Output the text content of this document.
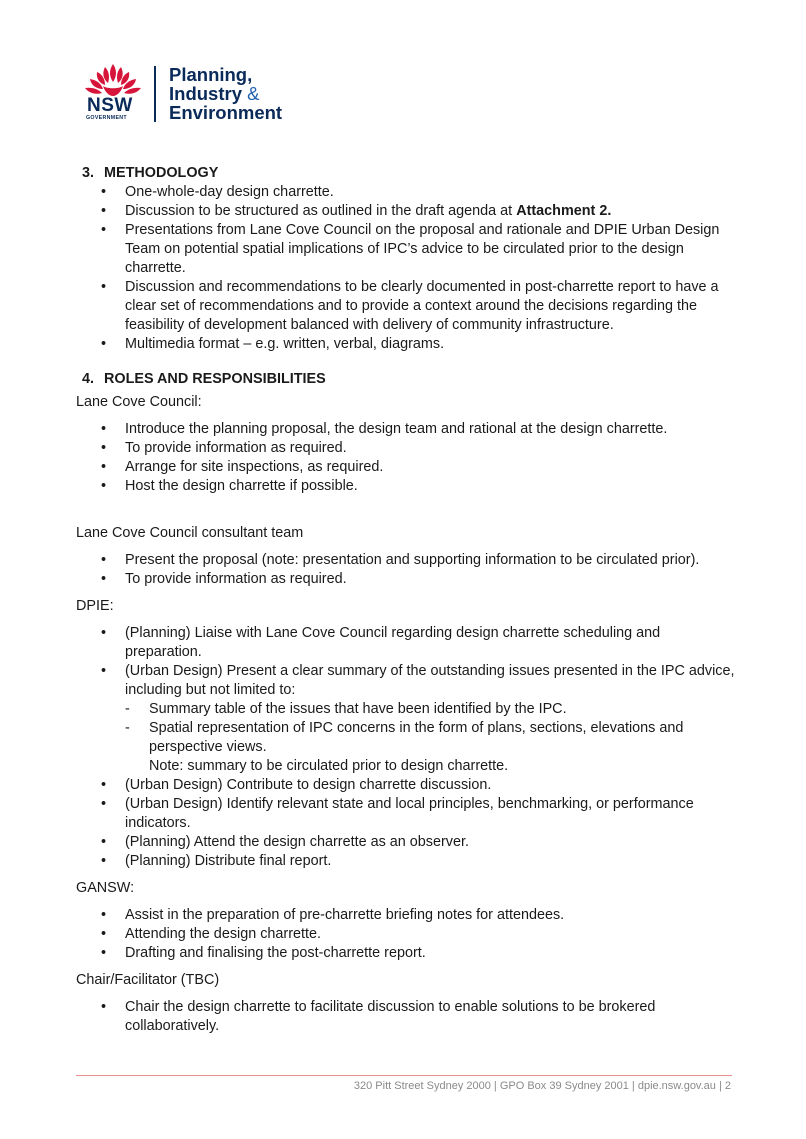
NSW
GOVERNMENT
Planning,
Industry &
Environment
3. METHODOLOGY
• One-whole-day design charrette.
• Discussion to be structured as outlined in the draft agenda at Attachment 2.
• Presentations from Lane Cove Council on the proposal and rationale and DPIE Urban Design Team on potential spatial implications of IPC’s advice to be circulated prior to the design charrette.
• Discussion and recommendations to be clearly documented in post-charrette report to have a clear set of recommendations and to provide a context around the decisions regarding the feasibility of development balanced with delivery of community infrastructure.
• Multimedia format – e.g. written, verbal, diagrams.
4. ROLES AND RESPONSIBILITIES

Lane Cove Council:

• Introduce the planning proposal, the design team and rational at the design charrette.
• To provide information as required.
• Arrange for site inspections, as required.
• Host the design charrette if possible.

Lane Cove Council consultant team

• Present the proposal (note: presentation and supporting information to be circulated prior).
• To provide information as required.

DPIE:

• (Planning) Liaise with Lane Cove Council regarding design charrette scheduling and preparation.
• (Urban Design) Present a clear summary of the outstanding issues presented in the IPC advice, including but not limited to:
- Summary table of the issues that have been identified by the IPC.
- Spatial representation of IPC concerns in the form of plans, sections, elevations and perspective views.
Note: summary to be circulated prior to design charrette.
• (Urban Design) Contribute to design charrette discussion.
• (Urban Design) Identify relevant state and local principles, benchmarking, or performance indicators.
• (Planning) Attend the design charrette as an observer.
• (Planning) Distribute final report.

GANSW:

• Assist in the preparation of pre-charrette briefing notes for attendees.
• Attending the design charrette.
• Drafting and finalising the post-charrette report.

Chair/Facilitator (TBC)

• Chair the design charrette to facilitate discussion to enable solutions to be brokered collaboratively.
320 Pitt Street Sydney 2000 | GPO Box 39 Sydney 2001 | dpie.nsw.gov.au | 2
